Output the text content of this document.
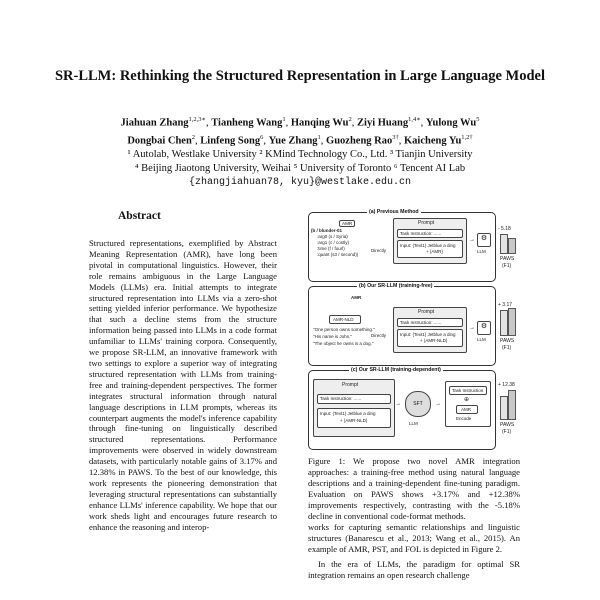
SR-LLM: Rethinking the Structured Representation in Large Language Model
Jiahuan Zhang$^{1,2,3∗}$, Tianheng Wang$^1$, Hanqing Wu$^2$, Ziyi Huang$^{1,4∗}$, Yulong Wu$^5$
Dongbai Chen$^2$, Linfeng Song$^6$, Yue Zhang$^1$, Guozheng Rao$^{3\dagger}$, Kaicheng $Yu^{1,2\dagger}$
¹ Autolab, Westlake University ² KMind Technology Co., Ltd. ³ Tianjin University
⁴ Beijing Jiaotong University, Weihai ⁵ University of Toronto ⁶ Tencent AI Lab
{zhangjiahuan78, kyu}@westlake.edu.cn
Abstract
Structured representations, exemplified by Abstract Meaning Representation (AMR), have long been pivotal in computational linguistics. However, their role remains ambiguous in the Large Language Models (LLMs) era. Initial attempts to integrate structured representation into LLMs via a zero-shot setting yielded inferior performance. We hypothesize that such a decline stems from the structure information being passed into LLMs in a code format unfamiliar to LLMs' training corpora. Consequently, we propose SR-LLM, an innovative framework with two settings to explore a superior way of integrating structured representation with LLMs from training-free and training-dependent perspectives. The former integrates structural information through natural language descriptions in LLM prompts, whereas its counterpart augments the model's inference capability through fine-tuning on linguistically described structured representations. Performance improvements were observed in widely downstream datasets, with particularly notable gains of 3.17% and 12.38% in PAWS. To the best of our knowledge, this work represents the pioneering demonstration that leveraging structural representations can substantially enhance LLMs' inference capability. We hope that our work sheds light and encourages future research to enhance the reasoning and interop-
(a) Previous Method
AMR
(b / blunder-01
:arg0 (s / Syria)
:arg1 (c / costly)
:time (f / fourl)
:quant (s3 / second))
Directly
Prompt
Task Instruction: ......
Input: {Text1} Jetblue a ding
+ {AMR}
→ ⚙
LLM
- 5.18
PAWS
(F1)
(b) Our SR-LLM (training-free)
AMR
AMR-NLD
"One person owns something."
"His name is John."
"The object he owns is a dog."
Directly
Prompt
Task Instruction: ......
Input: {Text1} Jetblue a ding
+ {AMR-NLD}
→ ⚙
LLM
+ 3.17
PAWS
(F1)
(c) Our SR-LLM (training-dependent)
Prompt
Task Instruction: ......
Input: {Text1} Jetblue a ding
+ {AMR-NLD}
→	SFT	→
Task Instruction
⊕
AMR
Encode
LLM
+ 12.38
PAWS
(F1)
Figure 1: We propose two novel AMR integration approaches: a training-free method using natural language descriptions and a training-dependent fine-tuning paradigm. Evaluation on PAWS shows +3.17% and +12.38% improvements respectively, contrasting with the -5.18% decline in conventional code-format methods.

works for capturing semantic relationships and linguistic structures (Banarescu et al., 2013; Wang et al., 2015). An example of AMR, PST, and FOL is depicted in Figure 2.

In the era of LLMs, the paradigm for optimal SR integration remains an open research challenge
